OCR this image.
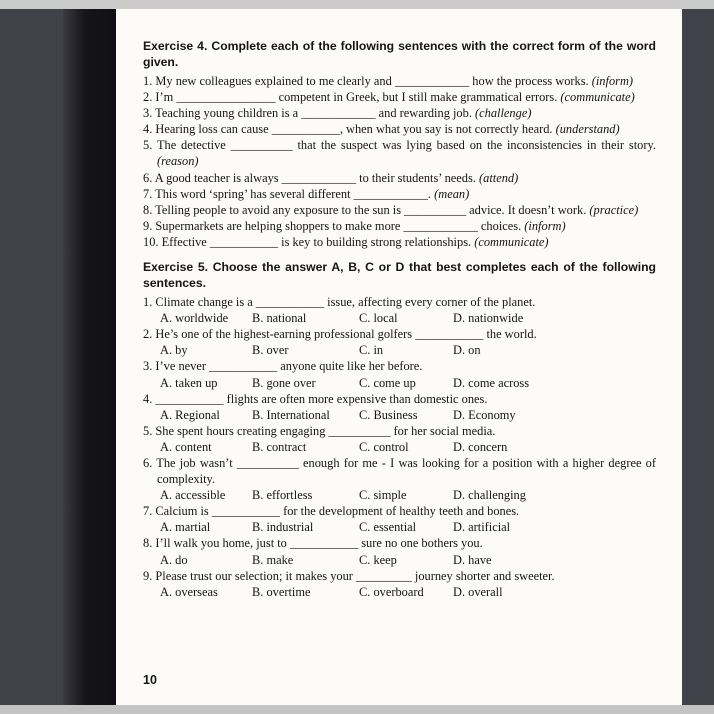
Exercise 4. Complete each of the following sentences with the correct form of the word given.
1. My new colleagues explained to me clearly and ____________ how the process works. (inform)
2. I’m ________________ competent in Greek, but I still make grammatical errors. (communicate)
3. Teaching young children is a ____________ and rewarding job. (challenge)
4. Hearing loss can cause ___________, when what you say is not correctly heard. (understand)
5. The detective __________ that the suspect was lying based on the inconsistencies in their story. (reason)
6. A good teacher is always ____________ to their students’ needs. (attend)
7. This word ‘spring’ has several different ____________. (mean)
8. Telling people to avoid any exposure to the sun is __________ advice. It doesn’t work. (practice)
9. Supermarkets are helping shoppers to make more ____________ choices. (inform)
10. Effective ___________ is key to building strong relationships. (communicate)
Exercise 5. Choose the answer A, B, C or D that best completes each of the following sentences.
1. Climate change is a ___________ issue, affecting every corner of the planet.
A. worldwide	B. national	C. local	D. nationwide
2. He’s one of the highest-earning professional golfers ___________ the world.
A. by	B. over	C. in	D. on
3. I’ve never ___________ anyone quite like her before.
A. taken up	B. gone over	C. come up	D. come across
4. ___________ flights are often more expensive than domestic ones.
A. Regional	B. International	C. Business	D. Economy
5. She spent hours creating engaging __________ for her social media.
A. content	B. contract	C. control	D. concern
6. The job wasn’t __________ enough for me - I was looking for a position with a higher degree of complexity.
A. accessible	B. effortless	C. simple	D. challenging
7. Calcium is ___________ for the development of healthy teeth and bones.
A. martial	B. industrial	C. essential	D. artificial
8. I’ll walk you home, just to ___________ sure no one bothers you.
A. do	B. make	C. keep	D. have
9. Please trust our selection; it makes your _________ journey shorter and sweeter.
A. overseas	B. overtime	C. overboard	D. overall
10
